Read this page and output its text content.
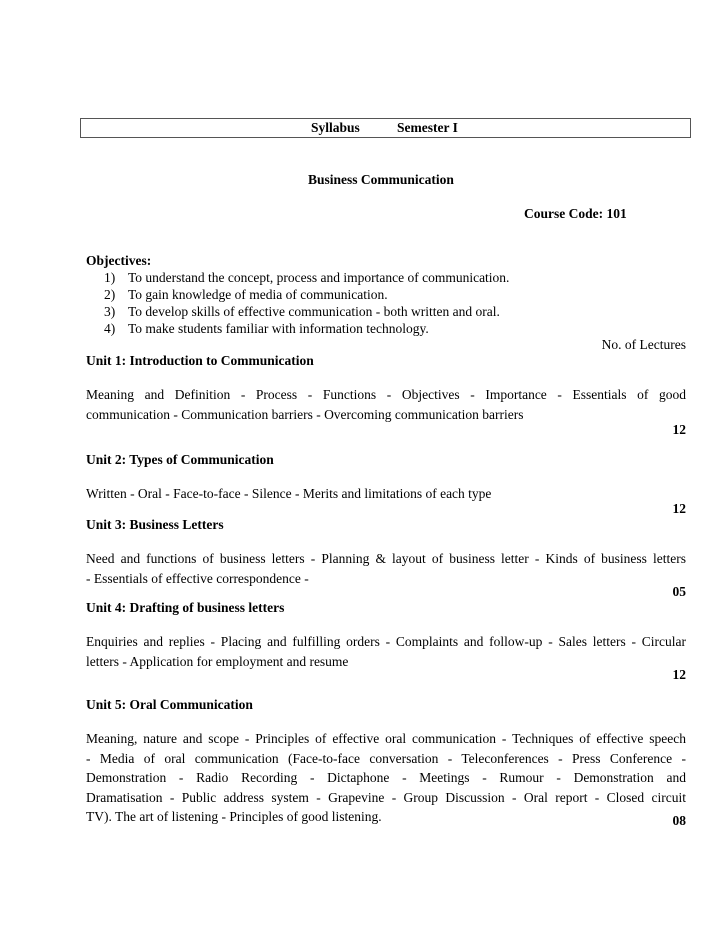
Syllabus	Semester I
Business Communication
Course Code: 101
Objectives:
1) To understand the concept, process and importance of communication.
2) To gain knowledge of media of communication.
3) To develop skills of effective communication - both written and oral.
4) To make students familiar with information technology.
No. of Lectures
Unit 1: Introduction to Communication
Meaning and Definition - Process - Functions - Objectives - Importance - Essentials of good
communication - Communication barriers - Overcoming communication barriers
12
Unit 2: Types of Communication
Written - Oral - Face-to-face - Silence - Merits and limitations of each type
12
Unit 3: Business Letters
Need and functions of business letters - Planning & layout of business letter - Kinds of business letters
- Essentials of effective correspondence -
05
Unit 4: Drafting of business letters
Enquiries and replies - Placing and fulfilling orders - Complaints and follow-up - Sales letters - Circular
letters - Application for employment and resume
12
Unit 5: Oral Communication
Meaning, nature and scope - Principles of effective oral communication - Techniques of effective speech
- Media of oral communication (Face-to-face conversation - Teleconferences - Press Conference -
Demonstration - Radio Recording - Dictaphone - Meetings - Rumour - Demonstration and
Dramatisation - Public address system - Grapevine - Group Discussion - Oral report - Closed circuit
TV). The art of listening - Principles of good listening.	08
